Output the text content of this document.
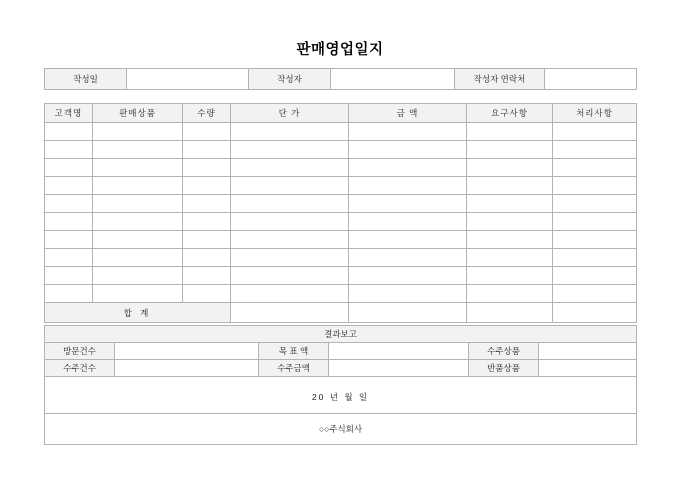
판매영업일지
작성일		작성자		작성자 연락처	
고객명	판매상품	수량	단 가	금 액	요구사항	처리사항

합 계						
결과보고					
방문건수		목 표 액		수주상품	
수주건수		수주금액		반품상품	
20 년 월 일					
○○주식회사					
